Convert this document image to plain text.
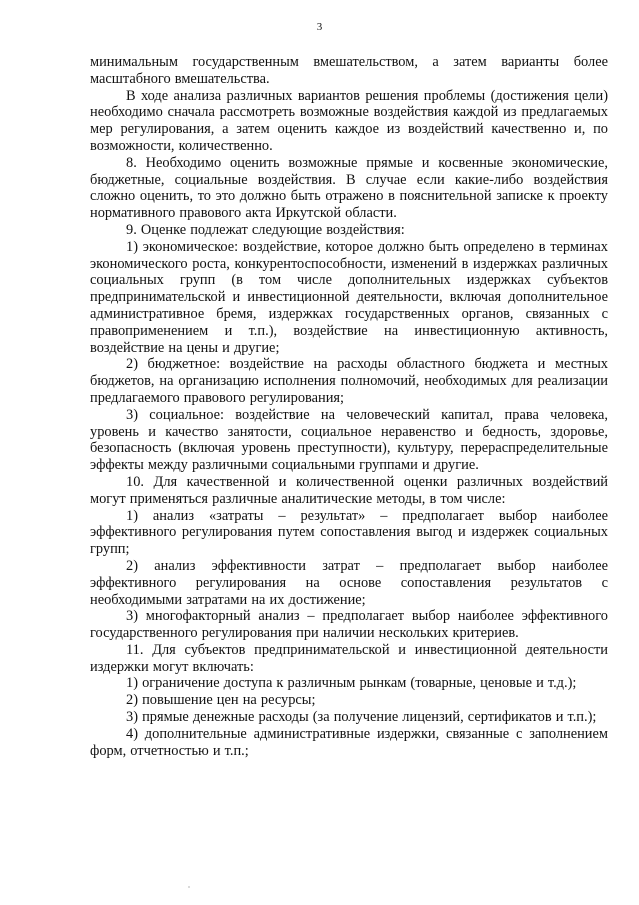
3

минимальным государственным вмешательством, а затем варианты более масштабного вмешательства.

В ходе анализа различных вариантов решения проблемы (достижения цели) необходимо сначала рассмотреть возможные воздействия каждой из предлагаемых мер регулирования, а затем оценить каждое из воздействий качественно и, по возможности, количественно.

8. Необходимо оценить возможные прямые и косвенные экономические, бюджетные, социальные воздействия. В случае если какие-либо воздействия сложно оценить, то это должно быть отражено в пояснительной записке к проекту нормативного правового акта Иркутской области.

9. Оценке подлежат следующие воздействия:

1) экономическое: воздействие, которое должно быть определено в терминах экономического роста, конкурентоспособности, изменений в издержках различных социальных групп (в том числе дополнительных издержках субъектов предпринимательской и инвестиционной деятельности, включая дополнительное административное бремя, издержках государственных органов, связанных с правоприменением и т.п.), воздействие на инвестиционную активность, воздействие на цены и другие;

2) бюджетное: воздействие на расходы областного бюджета и местных бюджетов, на организацию исполнения полномочий, необходимых для реализации предлагаемого правового регулирования;

3) социальное: воздействие на человеческий капитал, права человека, уровень и качество занятости, социальное неравенство и бедность, здоровье, безопасность (включая уровень преступности), культуру, перераспределительные эффекты между различными социальными группами и другие.

10. Для качественной и количественной оценки различных воздействий могут применяться различные аналитические методы, в том числе:

1) анализ «затраты – результат» – предполагает выбор наиболее эффективного регулирования путем сопоставления выгод и издержек социальных групп;

2) анализ эффективности затрат – предполагает выбор наиболее эффективного регулирования на основе сопоставления результатов с необходимыми затратами на их достижение;

3) многофакторный анализ – предполагает выбор наиболее эффективного государственного регулирования при наличии нескольких критериев.

11. Для субъектов предпринимательской и инвестиционной деятельности издержки могут включать:

1) ограничение доступа к различным рынкам (товарные, ценовые и т.д.);

2) повышение цен на ресурсы;

3) прямые денежные расходы (за получение лицензий, сертификатов и т.п.);

4) дополнительные административные издержки, связанные с заполнением форм, отчетностью и т.п.;
